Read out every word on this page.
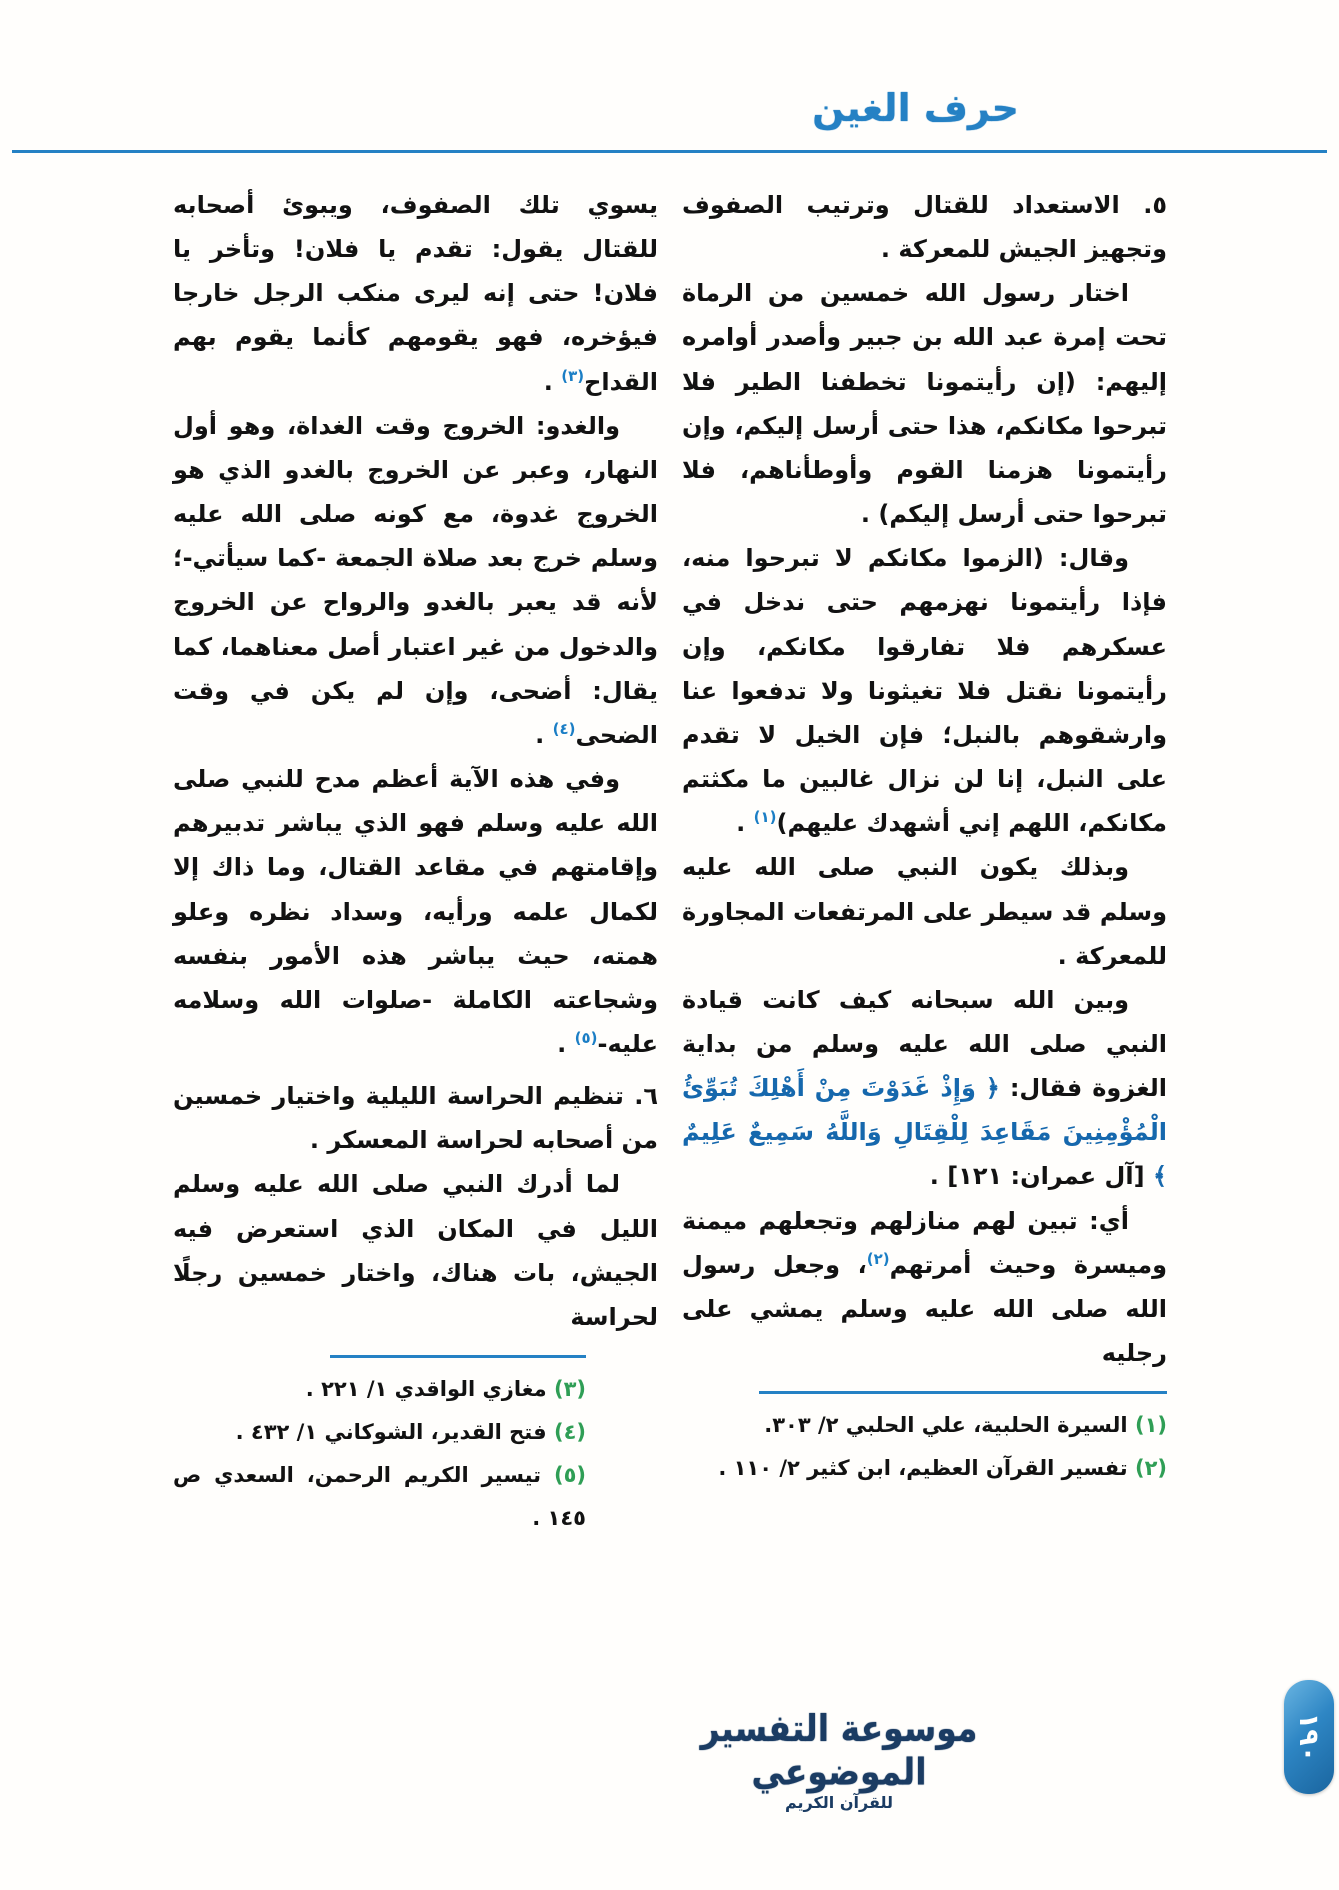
حرف الغين

٥. الاستعداد للقتال وترتيب الصفوف وتجهيز الجيش للمعركة .

اختار رسول الله خمسين من الرماة تحت إمرة عبد الله بن جبير وأصدر أوامره إليهم: (إن رأيتمونا تخطفنا الطير فلا تبرحوا مكانكم، هذا حتى أرسل إليكم، وإن رأيتمونا هزمنا القوم وأوطأناهم، فلا تبرحوا حتى أرسل إليكم) .

وقال: (الزموا مكانكم لا تبرحوا منه، فإذا رأيتمونا نهزمهم حتى ندخل في عسكرهم فلا تفارقوا مكانكم، وإن رأيتمونا نقتل فلا تغيثونا ولا تدفعوا عنا وارشقوهم بالنبل؛ فإن الخيل لا تقدم على النبل، إنا لن نزال غالبين ما مكثتم مكانكم، اللهم إني أشهدك عليهم)$^{(١)}$ .

وبذلك يكون النبي صلى الله عليه وسلم قد سيطر على المرتفعات المجاورة للمعركة .

وبين الله سبحانه كيف كانت قيادة النبي صلى الله عليه وسلم من بداية الغزوة فقال: ﴿ وَإِذْ غَدَوْتَ مِنْ أَهْلِكَ تُبَوِّئُ الْمُؤْمِنِينَ مَقَاعِدَ لِلْقِتَالِ وَاللَّهُ سَمِيعٌ عَلِيمٌ ﴾ [آل عمران: ١٢١] .

أي: تبين لهم منازلهم وتجعلهم ميمنة وميسرة وحيث أمرتهم$^{(٢)}$، وجعل رسول الله صلى الله عليه وسلم يمشي على رجليه

(١) السيرة الحلبية، علي الحلبي ٢/ ٣٠٣.
(٢) تفسير القرآن العظيم، ابن كثير ٢/ ١١٠ .

يسوي تلك الصفوف، ويبوئ أصحابه للقتال يقول: تقدم يا فلان! وتأخر يا فلان! حتى إنه ليرى منكب الرجل خارجا فيؤخره، فهو يقومهم كأنما يقوم بهم القداح$^{(٣)}$ .

والغدو: الخروج وقت الغداة، وهو أول النهار، وعبر عن الخروج بالغدو الذي هو الخروج غدوة، مع كونه صلى الله عليه وسلم خرج بعد صلاة الجمعة -كما سيأتي-؛ لأنه قد يعبر بالغدو والرواح عن الخروج والدخول من غير اعتبار أصل معناهما، كما يقال: أضحى، وإن لم يكن في وقت الضحى$^{(٤)}$ .

وفي هذه الآية أعظم مدح للنبي صلى الله عليه وسلم فهو الذي يباشر تدبيرهم وإقامتهم في مقاعد القتال، وما ذاك إلا لكمال علمه ورأيه، وسداد نظره وعلو همته، حيث يباشر هذه الأمور بنفسه وشجاعته الكاملة -صلوات الله وسلامه عليه-$^{(٥)}$ .

٦. تنظيم الحراسة الليلية واختيار خمسين من أصحابه لحراسة المعسكر .

لما أدرك النبي صلى الله عليه وسلم الليل في المكان الذي استعرض فيه الجيش، بات هناك، واختار خمسين رجلًا لحراسة

(٣) مغازي الواقدي ١/ ٢٢١ .
(٤) فتح القدير، الشوكاني ١/ ٤٣٢ .
(٥) تيسير الكريم الرحمن، السعدي ص ١٤٥ .
موسوعة التفسير الموضوعي
للقرآن الكريم
١٩٠
